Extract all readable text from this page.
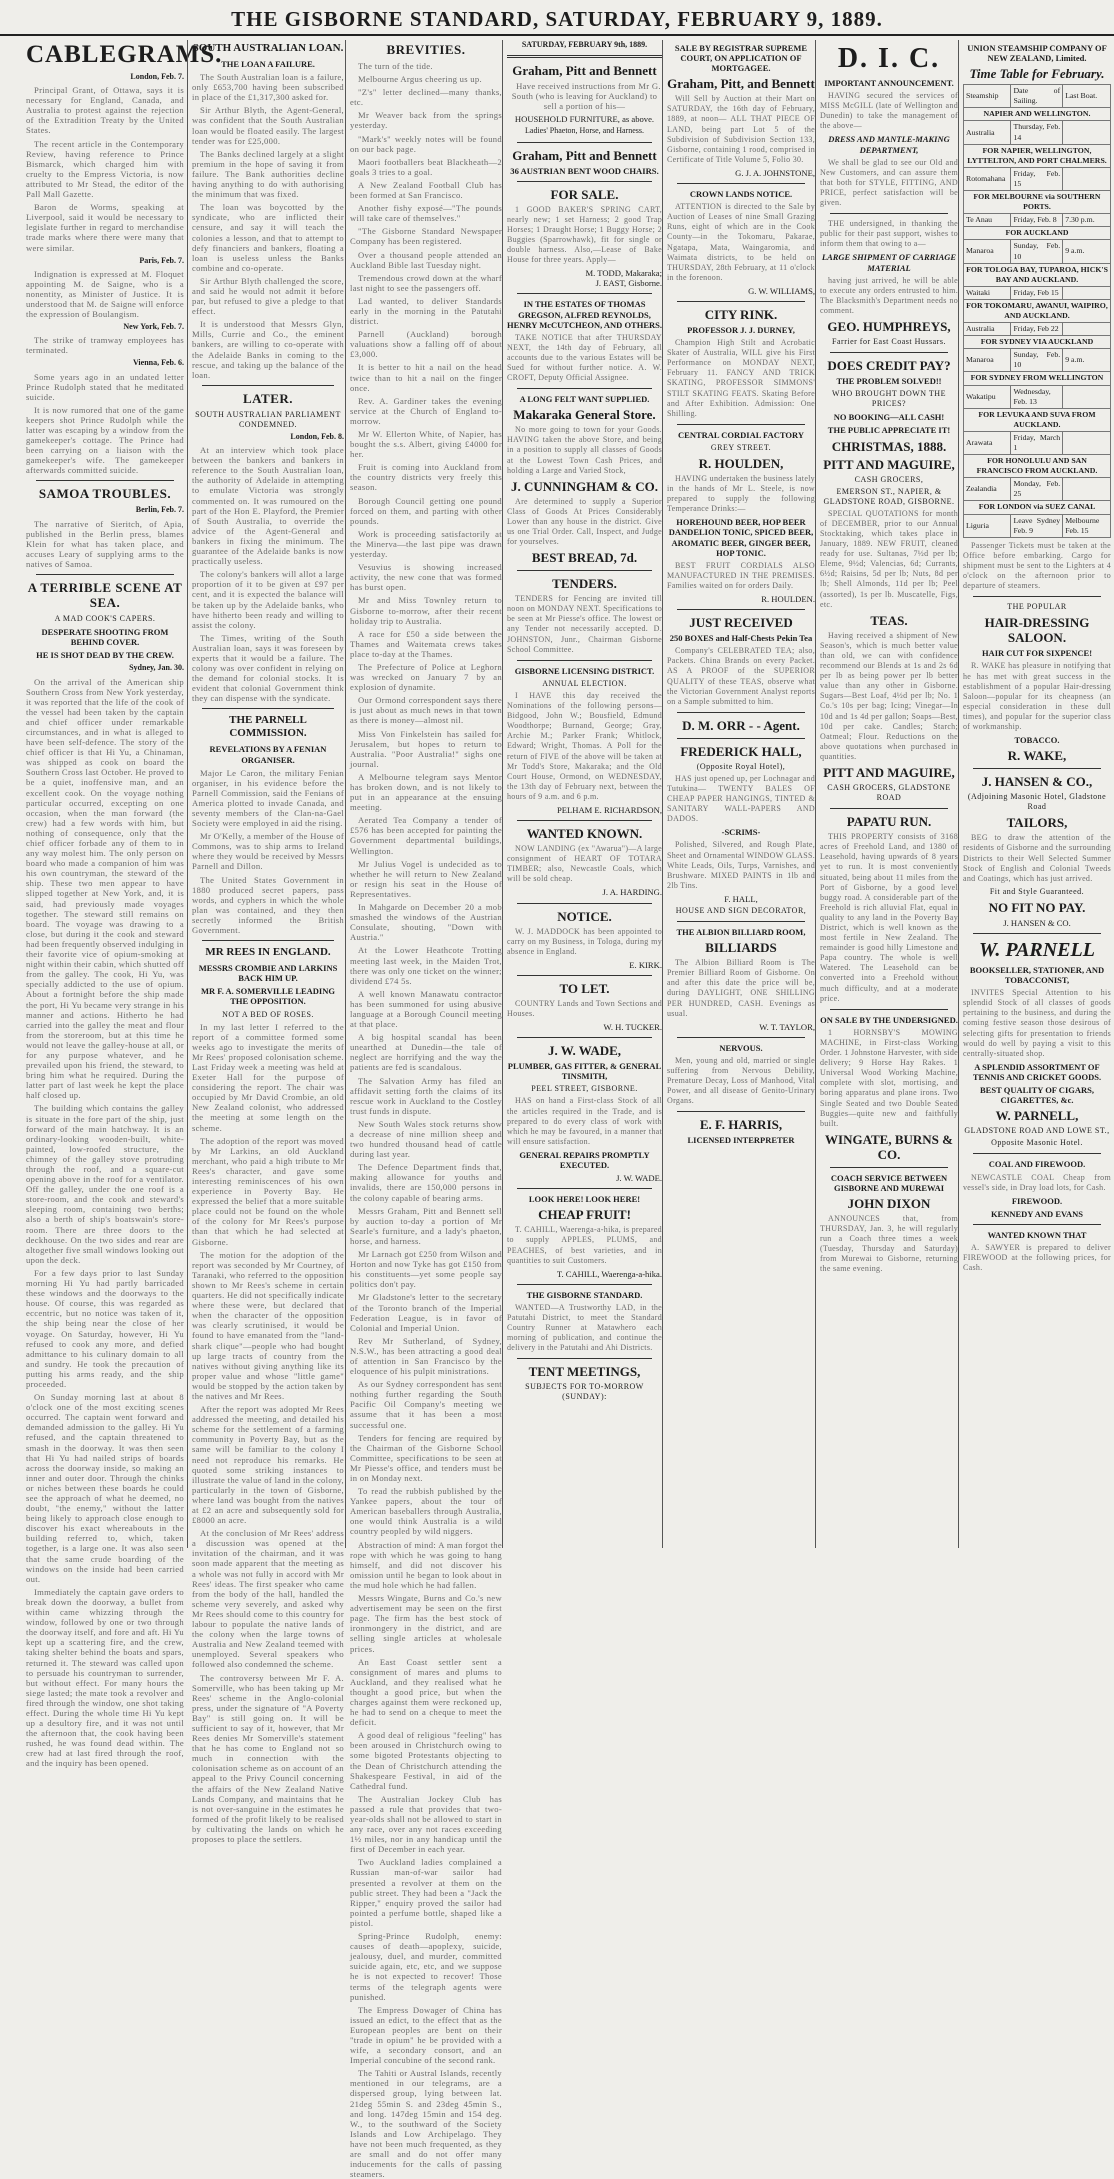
THE GISBORNE STANDARD, SATURDAY, FEBRUARY 9, 1889.
CABLEGRAMS.
London, Feb. 7.

Principal Grant, of Ottawa, says it is necessary for England, Canada, and Australia to protest against the rejection of the Extradition Treaty by the United States.

The recent article in the Contemporary Review, having reference to Prince Bismarck, which charged him with cruelty to the Empress Victoria, is now attributed to Mr Stead, the editor of the Pall Mall Gazette.

Baron de Worms, speaking at Liverpool, said it would be necessary to legislate further in regard to merchandise trade marks where there were many that were similar.

Paris, Feb. 7.

Indignation is expressed at M. Floquet appointing M. de Saigne, who is a nonentity, as Minister of Justice. It is understood that M. de Saigne will enforce the expression of Boulangism.

New York, Feb. 7.

The strike of tramway employees has terminated.

Vienna, Feb. 6.

Some years ago in an undated letter Prince Rudolph stated that he meditated suicide.

It is now rumored that one of the game keepers shot Prince Rudolph while the latter was escaping by a window from the gamekeeper's cottage. The Prince had been carrying on a liaison with the gamekeeper's wife. The gamekeeper afterwards committed suicide.

SAMOA TROUBLES.
Berlin, Feb. 7.

The narrative of Sieritch, of Apia, published in the Berlin press, blames Klein for what has taken place, and accuses Leary of supplying arms to the natives of Samoa.

A TERRIBLE SCENE AT SEA.
A MAD COOK'S CAPERS.
DESPERATE SHOOTING FROM BEHIND COVER.
HE IS SHOT DEAD BY THE CREW.
Sydney, Jan. 30.

On the arrival of the American ship Southern Cross from New York yesterday, it was reported that the life of the cook of the vessel had been taken by the captain and chief officer under remarkable circumstances, and in what is alleged to have been self-defence. The story of the chief officer is that Hi Yu, a Chinaman, was shipped as cook on board the Southern Cross last October. He proved to be a quiet, inoffensive man, and an excellent cook. On the voyage nothing particular occurred, excepting on one occasion, when the man forward (the crew) had a few words with him, but nothing of consequence, only that the chief officer forbade any of them to in any way molest him. The only person on board who made a companion of him was his own countryman, the steward of the ship. These two men appear to have slipped together at New York, and, it is said, had previously made voyages together. The steward still remains on board. The voyage was drawing to a close, but during it the cook and steward had been frequently observed indulging in their favorite vice of opium-smoking at night within their cabin, which shutted off from the galley. The cook, Hi Yu, was specially addicted to the use of opium. About a fortnight before the ship made the port, Hi Yu became very strange in his manner and actions. Hitherto he had carried into the galley the meat and flour from the storeroom, but at this time he would not leave the galley-house at all, or for any purpose whatever, and he prevailed upon his friend, the steward, to bring him what he required. During the latter part of last week he kept the place half closed up.

The building which contains the galley is situate in the fore part of the ship, just forward of the main hatchway. It is an ordinary-looking wooden-built, white-painted, low-roofed structure, the chimney of the galley stove protruding through the roof, and a square-cut opening above in the roof for a ventilator. Off the galley, under the one roof is a store-room, and the cook and steward's sleeping room, containing two berths; also a berth of ship's boatswain's store-room. There are three doors to the deckhouse. On the two sides and rear are altogether five small windows looking out upon the deck.

For a few days prior to last Sunday morning Hi Yu had partly barricaded these windows and the doorways to the house. Of course, this was regarded as eccentric, but no notice was taken of it, the ship being near the close of her voyage. On Saturday, however, Hi Yu refused to cook any more, and defied admittance to his culinary domain to all and sundry. He took the precaution of putting his arms ready, and the ship proceeded.

On Sunday morning last at about 8 o'clock one of the most exciting scenes occurred. The captain went forward and demanded admission to the galley. Hi Yu refused, and the captain threatened to smash in the doorway. It was then seen that Hi Yu had nailed strips of boards across the doorway inside, so making an inner and outer door. Through the chinks or niches between these boards he could see the approach of what he deemed, no doubt, "the enemy," without the latter being likely to approach close enough to discover his exact whereabouts in the building referred to, which, taken together, is a large one. It was also seen that the same crude boarding of the windows on the inside had been carried out.

Immediately the captain gave orders to break down the doorway, a bullet from within came whizzing through the window, followed by one or two through the doorway itself, and fore and aft. Hi Yu kept up a scattering fire, and the crew, taking shelter behind the boats and spars, returned it. The steward was called upon to persuade his countryman to surrender, but without effect. For many hours the siege lasted; the mate took a revolver and fired through the window, one shot taking effect. During the whole time Hi Yu kept up a desultory fire, and it was not until the afternoon that, the cook having been rushed, he was found dead within. The crew had at last fired through the roof, and the inquiry has been opened.

SOUTH AUSTRALIAN LOAN.
THE LOAN A FAILURE.

The South Australian loan is a failure, only £653,700 having been subscribed in place of the £1,317,300 asked for.

Sir Arthur Blyth, the Agent-General, was confident that the South Australian loan would be floated easily. The largest tender was for £25,000.

The Banks declined largely at a slight premium in the hope of saving it from failure. The Bank authorities decline having anything to do with authorising the minimum that was fixed.

The loan was boycotted by the syndicate, who are inflicted their censure, and say it will teach the colonies a lesson, and that to attempt to defy financiers and bankers, floating a loan is useless unless the Banks combine and co-operate.

Sir Arthur Blyth challenged the score, and said he would not admit it before par, but refused to give a pledge to that effect.

It is understood that Messrs Glyn, Mills, Currie and Co., the eminent bankers, are willing to co-operate with the Adelaide Banks in coming to the rescue, and taking up the balance of the loan.

LATER.
SOUTH AUSTRALIAN PARLIAMENT CONDEMNED.
London, Feb. 8.

At an interview which took place between the bankers and bankers in reference to the South Australian loan, the authority of Adelaide in attempting to emulate Victoria was strongly commented on. It was rumoured on the part of the Hon E. Playford, the Premier of South Australia, to override the advice of the Agent-General and bankers in fixing the minimum. The guarantee of the Adelaide banks is now practically useless.

The colony's bankers will allot a large proportion of it to be given at £97 per cent, and it is expected the balance will be taken up by the Adelaide banks, who have hitherto been ready and willing to assist the colony.

The Times, writing of the South Australian loan, says it was foreseen by experts that it would be a failure. The colony was over confident in relying on the demand for colonial stocks. It is evident that colonial Government think they can dispense with the syndicate.

THE PARNELL COMMISSION.
REVELATIONS BY A FENIAN ORGANISER.

Major Le Caron, the military Fenian organiser, in his evidence before the Parnell Commission, said the Fenians of America plotted to invade Canada, and seventy members of the Clan-na-Gael Society were employed in aid the rising.

Mr O'Kelly, a member of the House of Commons, was to ship arms to Ireland where they would be received by Messrs Parnell and Dillon.

The United States Government in 1880 produced secret papers, pass words, and cyphers in which the whole plan was contained, and they then secretly informed the British Government.

MR REES IN ENGLAND.
MESSRS CROMBIE AND LARKINS BACK HIM UP.
MR F. A. SOMERVILLE LEADING THE OPPOSITION.
NOT A BED OF ROSES.

In my last letter I referred to the report of a committee formed some weeks ago to investigate the merits of Mr Rees' proposed colonisation scheme. Last Friday week a meeting was held at Exeter Hall for the purpose of considering the report. The chair was occupied by Mr David Crombie, an old New Zealand colonist, who addressed the meeting at some length on the scheme.

The adoption of the report was moved by Mr Larkins, an old Auckland merchant, who paid a high tribute to Mr Rees's character, and gave some interesting reminiscences of his own experience in Poverty Bay. He expressed the belief that a more suitable place could not be found on the whole of the colony for Mr Rees's purpose than that which he had selected at Gisborne.

The motion for the adoption of the report was seconded by Mr Courtney, of Taranaki, who referred to the opposition shown to Mr Rees's scheme in certain quarters. He did not specifically indicate where these were, but declared that when the character of the opposition was clearly scrutinised, it would be found to have emanated from the "land-shark clique"—people who had bought up large tracts of country from the natives without giving anything like its proper value and whose "little game" would be stopped by the action taken by the natives and Mr Rees.

After the report was adopted Mr Rees addressed the meeting, and detailed his scheme for the settlement of a farming community in Poverty Bay, but as the same will be familiar to the colony I need not reproduce his remarks. He quoted some striking instances to illustrate the value of land in the colony, particularly in the town of Gisborne, where land was bought from the natives at £2 an acre and subsequently sold for £8000 an acre.

At the conclusion of Mr Rees' address a discussion was opened at the invitation of the chairman, and it was soon made apparent that the meeting as a whole was not fully in accord with Mr Rees' ideas. The first speaker who came from the body of the hall, handled the scheme very severely, and asked why Mr Rees should come to this country for labour to populate the native lands of the colony when the large towns of Australia and New Zealand teemed with unemployed. Several speakers who followed also condemned the scheme.

The controversy between Mr F. A. Somerville, who has been taking up Mr Rees' scheme in the Anglo-colonial press, under the signature of "A Poverty Bay" is still going on. It will be sufficient to say of it, however, that Mr Rees denies Mr Somerville's statement that he has come to England not so much in connection with the colonisation scheme as on account of an appeal to the Privy Council concerning the affairs of the New Zealand Native Lands Company, and maintains that he is not over-sanguine in the estimates he formed of the profit likely to be realised by cultivating the lands on which he proposes to place the settlers.

BREVITIES.

The turn of the tide.

Melbourne Argus cheering us up.

"Z's" letter declined—many thanks, etc.

Mr Weaver back from the springs yesterday.

"Mark's" weekly notes will be found on our back page.

Maori footballers beat Blackheath—2 goals 3 tries to a goal.

A New Zealand Football Club has been formed at San Francisco.

Another fishy exposé—"The pounds will take care of themselves."

"The Gisborne Standard Newspaper Company has been registered.

Over a thousand people attended an Auckland Bible last Tuesday night.

Tremendous crowd down at the wharf last night to see the passengers off.

Lad wanted, to deliver Standards early in the morning in the Patutahi district.

Parnell (Auckland) borough valuations show a falling off of about £3,000.

It is better to hit a nail on the head twice than to hit a nail on the finger once.

Rev. A. Gardiner takes the evening service at the Church of England to-morrow.

Mr W. Ellerton White, of Napier, has bought the s.s. Albert, giving £4000 for her.

Fruit is coming into Auckland from the country districts very freely this season.

Borough Council getting one pound forced on them, and parting with other pounds.

Work is proceeding satisfactorily at the Minerva—the last pipe was drawn yesterday.

Vesuvius is showing increased activity, the new cone that was formed has burst open.

Mr and Miss Townley return to Gisborne to-morrow, after their recent holiday trip to Australia.

A race for £50 a side between the Thames and Waitemata crews takes place to-day at the Thames.

The Prefecture of Police at Leghorn was wrecked on January 7 by an explosion of dynamite.

Our Ormond correspondent says there is just about as much news in that town as there is money—almost nil.

Miss Von Finkelstein has sailed for Jerusalem, but hopes to return to Australia. "Poor Australia!" sighs one journal.

A Melbourne telegram says Mentor has broken down, and is not likely to put in an appearance at the ensuing meeting.

Aerated Tea Company a tender of £576 has been accepted for painting the Government departmental buildings, Wellington.

Mr Julius Vogel is undecided as to whether he will return to New Zealand or resign his seat in the House of Representatives.

In Mahgarde on December 20 a mob smashed the windows of the Austrian Consulate, shouting, "Down with Austria."

At the Lower Heathcote Trotting meeting last week, in the Maiden Trot, there was only one ticket on the winner; dividend £74 5s.

A well known Manawatu contractor has been summoned for using abusive language at a Borough Council meeting at that place.

A big hospital scandal has been unearthed at Dunedin—the tale of neglect are horrifying and the way the patients are fed is scandalous.

The Salvation Army has filed an affidavit setting forth the claims of its rescue work in Auckland to the Costley trust funds in dispute.

New South Wales stock returns show a decrease of nine million sheep and two hundred thousand head of cattle during last year.

The Defence Department finds that, making allowance for youths and invalids, there are 150,000 persons in the colony capable of bearing arms.

Messrs Graham, Pitt and Bennett sell by auction to-day a portion of Mr Searle's furniture, and a lady's phaeton, horse, and harness.

Mr Larnach got £250 from Wilson and Horton and now Tyke has got £150 from his constituents—yet some people say politics don't pay.

Mr Gladstone's letter to the secretary of the Toronto branch of the Imperial Federation League, is in favor of Colonial and Imperial Union.

Rev Mr Sutherland, of Sydney, N.S.W., has been attracting a good deal of attention in San Francisco by the eloquence of his pulpit ministrations.

As our Sydney correspondent has sent nothing further regarding the South Pacific Oil Company's meeting we assume that it has been a most successful one.

Tenders for fencing are required by the Chairman of the Gisborne School Committee, specifications to be seen at Mr Piesse's office, and tenders must be in on Monday next.

To read the rubbish published by the Yankee papers, about the tour of American baseballers through Australia, one would think Australia is a wild country peopled by wild niggers.

Abstraction of mind: A man forgot the rope with which he was going to hang himself, and did not discover his omission until he began to look about in the mud hole which he had fallen.

Messrs Wingate, Burns and Co.'s new advertisement may be seen on the first page. The firm has the best stock of ironmongery in the district, and are selling single articles at wholesale prices.

An East Coast settler sent a consignment of mares and plums to Auckland, and they realised what he thought a good price, but when the charges against them were reckoned up, he had to send on a cheque to meet the deficit.

A good deal of religious "feeling" has been aroused in Christchurch owing to some bigoted Protestants objecting to the Dean of Christchurch attending the Shakespeare Festival, in aid of the Cathedral fund.

The Australian Jockey Club has passed a rule that provides that two-year-olds shall not be allowed to start in any race, over any not races exceeding 1½ miles, nor in any handicap until the first of December in each year.

Two Auckland ladies complained a Russian man-of-war sailor had presented a revolver at them on the public street. They had been a "Jack the Ripper," enquiry proved the sailor had pointed a perfume bottle, shaped like a pistol.

Spring-Prince Rudolph, enemy: causes of death—apoplexy, suicide, jealousy, duel, and murder, committed suicide again, etc, etc, and we suppose he is not expected to recover! Those terms of the telegraph agents were punished.

The Empress Dowager of China has issued an edict, to the effect that as the European peoples are bent on their "trade in opium" he be provided with a wife, a secondary consort, and an Imperial concubine of the second rank.

The Tahiti or Austral Islands, recently mentioned in our telegrams, are a dispersed group, lying between lat. 21deg 55min S. and 23deg 45min S., and long. 147deg 15min and 154 deg. W., to the southward of the Society Islands and Low Archipelago. They have not been much frequented, as they are small and do not offer many inducements for the calls of passing steamers.

SATURDAY, FEBRUARY 9th, 1889.
Graham, Pitt and Bennett

Have received instructions from Mr G. South (who is leaving for Auckland) to sell a portion of his—

HOUSEHOLD FURNITURE, as above.
Ladies' Phaeton, Horse, and Harness.
Graham, Pitt and Bennett
36 AUSTRIAN BENT WOOD CHAIRS.
FOR SALE.

1 GOOD BAKER'S SPRING CART, nearly new; 1 set Harness; 2 good Trap Horses; 1 Draught Horse; 1 Buggy Horse; 2 Buggies (Sparrowhawk), fit for single or double harness. Also,—Lease of Bake House for three years. Apply—

M. TODD, Makaraka;
J. EAST, Gisborne.
IN THE ESTATES OF THOMAS GREGSON, ALFRED REYNOLDS, HENRY McCUTCHEON, AND OTHERS.

TAKE NOTICE that after THURSDAY NEXT, the 14th day of February, all accounts due to the various Estates will be Sued for without further notice. A. W. CROFT, Deputy Official Assignee.

A LONG FELT WANT SUPPLIED.
Makaraka General Store.

No more going to town for your Goods. HAVING taken the above Store, and being in a position to supply all classes of Goods at the Lowest Town Cash Prices, and holding a Large and Varied Stock,

J. CUNNINGHAM & CO.

Are determined to supply a Superior Class of Goods At Prices Considerably Lower than any house in the district. Give us one Trial Order. Call, Inspect, and Judge for yourselves.

BEST BREAD, 7d.
TENDERS.

TENDERS for Fencing are invited till noon on MONDAY NEXT. Specifications to be seen at Mr Piesse's office. The lowest or any Tender not necessarily accepted. D. JOHNSTON, Junr., Chairman Gisborne School Committee.

GISBORNE LICENSING DISTRICT.
ANNUAL ELECTION.

I HAVE this day received the Nominations of the following persons— Bidgood, John W.; Bousfield, Edmund Woodthorpe; Burnand, George; Gray, Archie M.; Parker Frank; Whitlock, Edward; Wright, Thomas. A Poll for the return of FIVE of the above will be taken at Mr Todd's Store, Makaraka; and the Old Court House, Ormond, on WEDNESDAY, the 13th day of February next, between the hours of 9 a.m. and 6 p.m.

PELHAM E. RICHARDSON,
WANTED KNOWN.

NOW LANDING (ex "Awarua")—A large consignment of HEART OF TOTARA TIMBER; also, Newcastle Coals, which will be sold cheap.

J. A. HARDING.
NOTICE.

W. J. MADDOCK has been appointed to carry on my Business, in Tologa, during my absence in England.

E. KIRK.
TO LET.

COUNTRY Lands and Town Sections and Houses.

W. H. TUCKER.
J. W. WADE,
PLUMBER, GAS FITTER, & GENERAL TINSMITH,
PEEL STREET, GISBORNE.

HAS on hand a First-class Stock of all the articles required in the Trade, and is prepared to do every class of work with which he may be favoured, in a manner that will ensure satisfaction.

GENERAL REPAIRS PROMPTLY EXECUTED.
J. W. WADE.
LOOK HERE! LOOK HERE!
CHEAP FRUIT!

T. CAHILL, Waerenga-a-hika, is prepared to supply APPLES, PLUMS, and PEACHES, of best varieties, and in quantities to suit Customers.

T. CAHILL, Waerenga-a-hika.
THE GISBORNE STANDARD.

WANTED—A Trustworthy LAD, in the Patutahi District, to meet the Standard Country Runner at Matawhero each morning of publication, and continue the delivery in the Patutahi and Ahi Districts.

TENT MEETINGS,
SUBJECTS FOR TO-MORROW (SUNDAY):
SALE BY REGISTRAR SUPREME COURT, ON APPLICATION OF MORTGAGEE.
Graham, Pitt, and Bennett

Will Sell by Auction at their Mart on SATURDAY, the 16th day of February, 1889, at noon— ALL THAT PIECE OF LAND, being part Lot 5 of the Subdivision of Subdivision Section 133, Gisborne, containing 1 rood, comprised in Certificate of Title Volume 5, Folio 30.

G. J. A. JOHNSTONE,
CROWN LANDS NOTICE.

ATTENTION is directed to the Sale by Auction of Leases of nine Small Grazing Runs, eight of which are in the Cook County—in the Tokomaru, Pakarae, Ngatapa, Mata, Waingaromia, and Waimata districts, to be held on THURSDAY, 28th February, at 11 o'clock in the forenoon.

G. W. WILLIAMS,
CITY RINK.
PROFESSOR J. J. DURNEY,

Champion High Stilt and Acrobatic Skater of Australia, WILL give his First Performance on MONDAY NEXT, February 11. FANCY AND TRICK SKATING, PROFESSOR SIMMONS' STILT SKATING FEATS. Skating Before and After Exhibition. Admission: One Shilling.

CENTRAL CORDIAL FACTORY
GREY STREET.
R. HOULDEN,

HAVING undertaken the business lately in the hands of Mr L. Steele, is now prepared to supply the following Temperance Drinks:—

HOREHOUND BEER, HOP BEER DANDELION TONIC, SPICED BEER, AROMATIC BEER, GINGER BEER, HOP TONIC.

BEST FRUIT CORDIALS ALSO MANUFACTURED IN THE PREMISES. Families waited on for orders Daily.

R. HOULDEN.
JUST RECEIVED
250 BOXES and Half-Chests Pekin Tea

Company's CELEBRATED TEA; also, Packets. China Brands on every Packet. AS A PROOF of the SUPERIOR QUALITY of these TEAS, observe what the Victorian Government Analyst reports on a Sample submitted to him.

D. M. ORR - - Agent.
FREDERICK HALL,
(Opposite Royal Hotel),

HAS just opened up, per Lochnagar and Tutukina— TWENTY BALES OF CHEAP PAPER HANGINGS, TINTED & SANITARY WALL-PAPERS AND DADOS.

-SCRIMS-

Polished, Silvered, and Rough Plate, Sheet and Ornamental WINDOW GLASS. White Leads, Oils, Turps, Varnishes, and Brushware. MIXED PAINTS in 1lb and 2lb Tins.

F. HALL,
HOUSE AND SIGN DECORATOR,
THE ALBION BILLIARD ROOM,
BILLIARDS

The Albion Billiard Room is The Premier Billiard Room of Gisborne. On and after this date the price will be, during DAYLIGHT, ONE SHILLING PER HUNDRED, CASH. Evenings as usual.

W. T. TAYLOR,
NERVOUS.

Men, young and old, married or single suffering from Nervous Debility, Premature Decay, Loss of Manhood, Vital Power, and all disease of Genito-Urinary Organs.

E. F. HARRIS,
LICENSED INTERPRETER
D. I. C.
IMPORTANT ANNOUNCEMENT.

HAVING secured the services of MISS McGILL (late of Wellington and Dunedin) to take the management of the above—

DRESS AND MANTLE-MAKING DEPARTMENT,

We shall be glad to see our Old and New Customers, and can assure them that both for STYLE, FITTING, AND PRICE, perfect satisfaction will be given.

THE undersigned, in thanking the public for their past support, wishes to inform them that owing to a—

LARGE SHIPMENT OF CARRIAGE MATERIAL

having just arrived, he will be able to execute any orders entrusted to him. The Blacksmith's Department needs no comment.

GEO. HUMPHREYS,
Farrier for East Coast Hussars.
DOES CREDIT PAY?
THE PROBLEM SOLVED!!
WHO BROUGHT DOWN THE PRICES?
NO BOOKING—ALL CASH!
THE PUBLIC APPRECIATE IT!
CHRISTMAS, 1888.
PITT AND MAGUIRE,
CASH GROCERS,
EMERSON ST., NAPIER, & GLADSTONE ROAD, GISBORNE.

SPECIAL QUOTATIONS for month of DECEMBER, prior to our Annual Stocktaking, which takes place in January, 1889. NEW FRUIT, cleaned ready for use. Sultanas, 7½d per lb; Eleme, 9½d; Valencias, 6d; Currants, 6½d; Raisins, 5d per lb; Nuts, 8d per lb; Shell Almonds, 11d per lb; Peel (assorted), 1s per lb. Muscatelle, Figs, etc.

TEAS.

Having received a shipment of New Season's, which is much better value than old, we can with confidence recommend our Blends at 1s and 2s 6d per lb as being power per lb better value than any other in Gisborne. Sugars—Best Loaf, 4½d per lb; No. 1 Co.'s 10s per bag; Icing; Vinegar—In 10d and 1s 4d per gallon; Soaps—Best, 10d per cake. Candles; Starch; Oatmeal; Flour. Reductions on the above quotations when purchased in quantities.

PITT AND MAGUIRE,
CASH GROCERS, GLADSTONE ROAD
PAPATU RUN.

THIS PROPERTY consists of 3168 acres of Freehold Land, and 1380 of Leasehold, having upwards of 8 years yet to run. It is most conveniently situated, being about 11 miles from the Port of Gisborne, by a good level buggy road. A considerable part of the Freehold is rich alluvial Flat, equal in quality to any land in the Poverty Bay District, which is well known as the most fertile in New Zealand. The remainder is good hilly Limestone and Papa country. The whole is well Watered. The Leasehold can be converted into a Freehold without much difficulty, and at a moderate price.

ON SALE BY THE UNDERSIGNED.

1 HORNSBY'S MOWING MACHINE, in First-class Working Order. 1 Johnstone Harvester, with side delivery; 9 Horse Hay Rakes. 1 Universal Wood Working Machine, complete with slot, mortising, and boring apparatus and plane irons. Two Single Seated and two Double Seated Buggies—quite new and faithfully built.

WINGATE, BURNS & CO.
COACH SERVICE BETWEEN GISBORNE AND MUREWAI
JOHN DIXON

ANNOUNCES that, from THURSDAY, Jan. 3, he will regularly run a Coach three times a week (Tuesday, Thursday and Saturday) from Murewai to Gisborne, returning the same evening.

UNION STEAMSHIP COMPANY OF NEW ZEALAND, Limited.
Time Table for February.
Steamship	Date of Sailing.	Last Boat.
NAPIER AND WELLINGTON.		
Australia	Thursday, Feb. 14	
FOR NAPIER, WELLINGTON, LYTTELTON, AND PORT CHALMERS.		
Rotomahana	Friday, Feb. 15	
FOR MELBOURNE via SOUTHERN PORTS.		
Te Anau	Friday, Feb. 8	7.30 p.m.
FOR AUCKLAND		
Manaroa	Sunday, Feb. 10	9 a.m.
FOR TOLOGA BAY, TUPAROA, HICK'S BAY AND AUCKLAND.		
Waitaki	Friday, Feb 15	
FOR TOKOMARU, AWANUI, WAIPIRO, AND AUCKLAND.		
Australia	Friday, Feb 22	
FOR SYDNEY VIA AUCKLAND		
Manaroa	Sunday, Feb. 10	9 a.m.
FOR SYDNEY FROM WELLINGTON		
Wakatipu	Wednesday, Feb. 13	
FOR LEVUKA AND SUVA FROM AUCKLAND.		
Arawata	Friday, March 1	
FOR HONOLULU AND SAN FRANCISCO FROM AUCKLAND.		
Zealandia	Monday, Feb. 25	
FOR LONDON via SUEZ CANAL		
Liguria	Leave Sydney Feb. 9	Melbourne Feb. 15

Passenger Tickets must be taken at the Office before embarking. Cargo for shipment must be sent to the Lighters at 4 o'clock on the afternoon prior to departure of steamers.

THE POPULAR
HAIR-DRESSING SALOON.
HAIR CUT FOR SIXPENCE!

R. WAKE has pleasure in notifying that he has met with great success in the establishment of a popular Hair-dressing Saloon—popular for its cheapness (an especial consideration in these dull times), and popular for the superior class of workmanship.

TOBACCO.
R. WAKE,
J. HANSEN & CO.,
(Adjoining Masonic Hotel, Gladstone Road
TAILORS,

BEG to draw the attention of the residents of Gisborne and the surrounding Districts to their Well Selected Summer Stock of English and Colonial Tweeds and Coatings, which has just arrived.

Fit and Style Guaranteed.
NO FIT NO PAY.
J. HANSEN & CO.
W. PARNELL
BOOKSELLER, STATIONER, AND TOBACCONIST,

INVITES Special Attention to his splendid Stock of all classes of goods pertaining to the business, and during the coming festive season those desirous of selecting gifts for presentation to friends would do well by paying a visit to this centrally-situated shop.

A SPLENDID ASSORTMENT OF TENNIS AND CRICKET GOODS.
BEST QUALITY OF CIGARS, CIGARETTES, &c.
W. PARNELL,
GLADSTONE ROAD AND LOWE ST.,
Opposite Masonic Hotel.
COAL AND FIREWOOD.

NEWCASTLE COAL Cheap from vessel's side, in Dray load lots, for Cash.

FIREWOOD.
KENNEDY AND EVANS
WANTED KNOWN THAT

A. SAWYER is prepared to deliver FIREWOOD at the following prices, for Cash.
